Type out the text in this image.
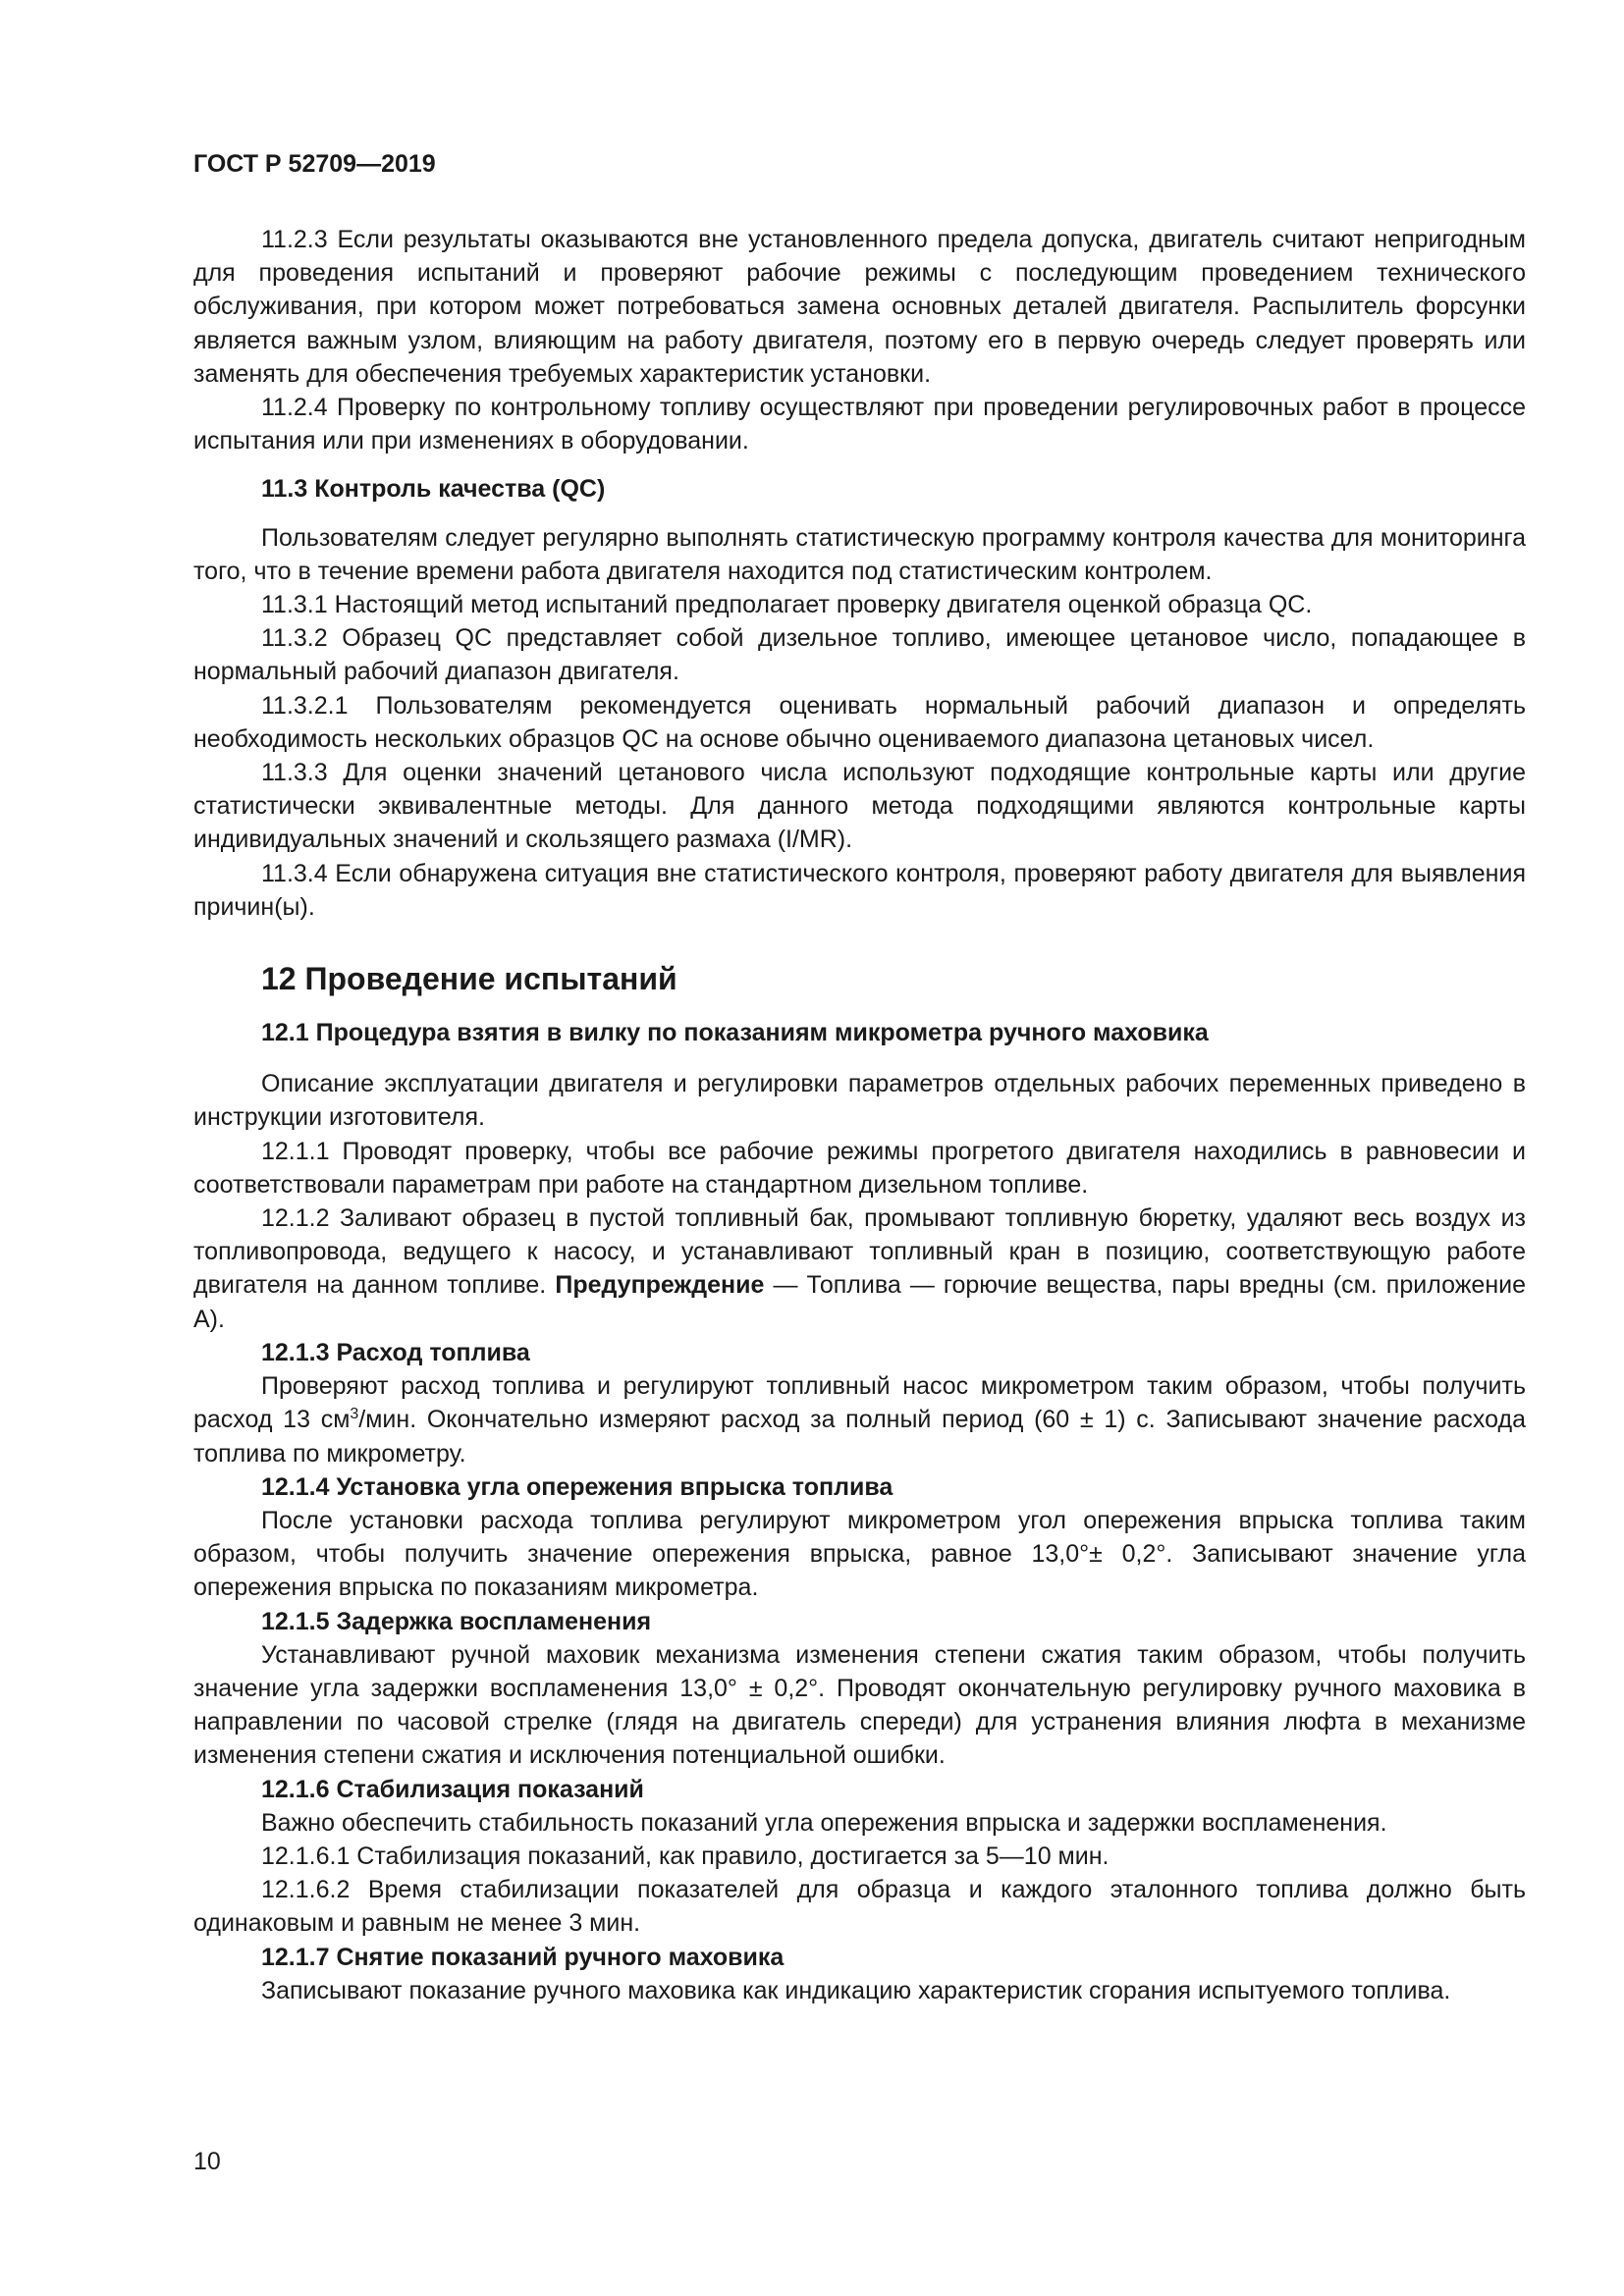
ГОСТ Р 52709—2019

11.2.3 Если результаты оказываются вне установленного предела допуска, двигатель считают непригодным для проведения испытаний и проверяют рабочие режимы с последующим проведением технического обслуживания, при котором может потребоваться замена основных деталей двигателя. Распылитель форсунки является важным узлом, влияющим на работу двигателя, поэтому его в первую очередь следует проверять или заменять для обеспечения требуемых характеристик установки.

11.2.4 Проверку по контрольному топливу осуществляют при проведении регулировочных работ в процессе испытания или при изменениях в оборудовании.

11.3 Контроль качества (QC)

Пользователям следует регулярно выполнять статистическую программу контроля качества для мониторинга того, что в течение времени работа двигателя находится под статистическим контролем.

11.3.1 Настоящий метод испытаний предполагает проверку двигателя оценкой образца QC.

11.3.2 Образец QC представляет собой дизельное топливо, имеющее цетановое число, попадающее в нормальный рабочий диапазон двигателя.

11.3.2.1 Пользователям рекомендуется оценивать нормальный рабочий диапазон и определять необходимость нескольких образцов QC на основе обычно оцениваемого диапазона цетановых чисел.

11.3.3 Для оценки значений цетанового числа используют подходящие контрольные карты или другие статистически эквивалентные методы. Для данного метода подходящими являются контрольные карты индивидуальных значений и скользящего размаха (I/MR).

11.3.4 Если обнаружена ситуация вне статистического контроля, проверяют работу двигателя для выявления причин(ы).

12 Проведение испытаний

12.1 Процедура взятия в вилку по показаниям микрометра ручного маховика

Описание эксплуатации двигателя и регулировки параметров отдельных рабочих переменных приведено в инструкции изготовителя.

12.1.1 Проводят проверку, чтобы все рабочие режимы прогретого двигателя находились в равновесии и соответствовали параметрам при работе на стандартном дизельном топливе.

12.1.2 Заливают образец в пустой топливный бак, промывают топливную бюретку, удаляют весь воздух из топливопровода, ведущего к насосу, и устанавливают топливный кран в позицию, соответствующую работе двигателя на данном топливе. Предупреждение — Топлива — горючие вещества, пары вредны (см. приложение А).

12.1.3 Расход топлива

Проверяют расход топлива и регулируют топливный насос микрометром таким образом, чтобы получить расход 13 $см^3$/мин. Окончательно измеряют расход за полный период (60 ± 1) с. Записывают значение расхода топлива по микрометру.

12.1.4 Установка угла опережения впрыска топлива

После установки расхода топлива регулируют микрометром угол опережения впрыска топлива таким образом, чтобы получить значение опережения впрыска, равное 13,0°± 0,2°. Записывают значение угла опережения впрыска по показаниям микрометра.

12.1.5 Задержка воспламенения

Устанавливают ручной маховик механизма изменения степени сжатия таким образом, чтобы получить значение угла задержки воспламенения 13,0° ± 0,2°. Проводят окончательную регулировку ручного маховика в направлении по часовой стрелке (глядя на двигатель спереди) для устранения влияния люфта в механизме изменения степени сжатия и исключения потенциальной ошибки.

12.1.6 Стабилизация показаний

Важно обеспечить стабильность показаний угла опережения впрыска и задержки воспламенения.

12.1.6.1 Стабилизация показаний, как правило, достигается за 5—10 мин.

12.1.6.2 Время стабилизации показателей для образца и каждого эталонного топлива должно быть одинаковым и равным не менее 3 мин.

12.1.7 Снятие показаний ручного маховика

Записывают показание ручного маховика как индикацию характеристик сгорания испытуемого топлива.

10
